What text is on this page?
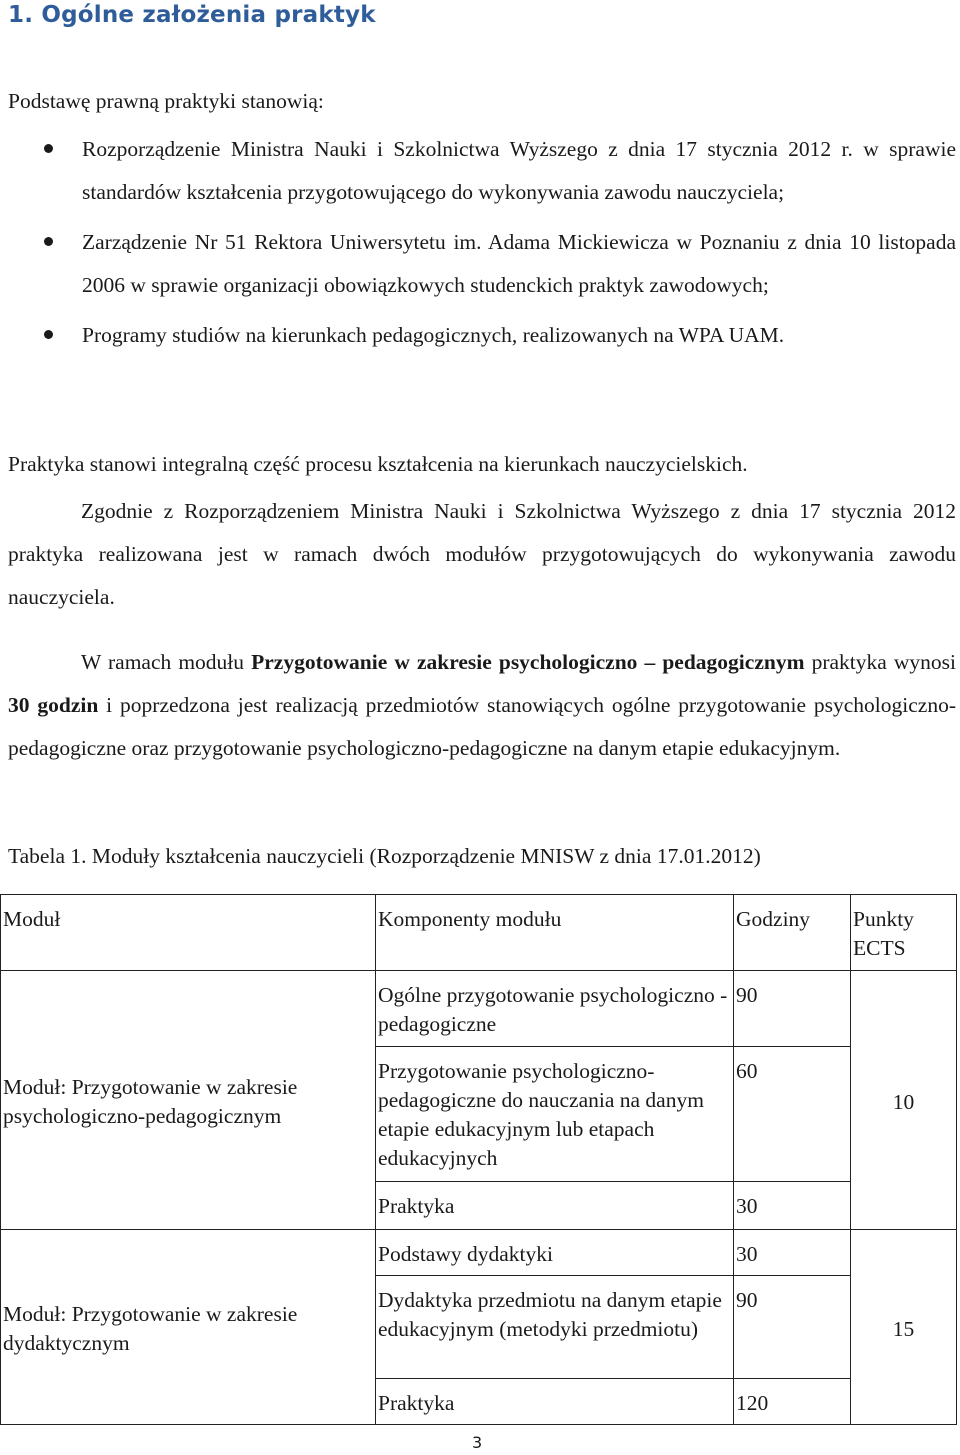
1. Ogólne założenia praktyk

Podstawę prawną praktyki stanowią:

Rozporządzenie Ministra Nauki i Szkolnictwa Wyższego z dnia 17 stycznia 2012 r. w sprawie standardów kształcenia przygotowującego do wykonywania zawodu nauczyciela;
Zarządzenie Nr 51 Rektora Uniwersytetu im. Adama Mickiewicza w Poznaniu z dnia 10 listopada 2006 w sprawie organizacji obowiązkowych studenckich praktyk zawodowych;
Programy studiów na kierunkach pedagogicznych, realizowanych na WPA UAM.

Praktyka stanowi integralną część procesu kształcenia na kierunkach nauczycielskich.

Zgodnie z Rozporządzeniem Ministra Nauki i Szkolnictwa Wyższego z dnia 17 stycznia 2012 praktyka realizowana jest w ramach dwóch modułów przygotowujących do wykonywania zawodu nauczyciela.

W ramach modułu Przygotowanie w zakresie psychologiczno – pedagogicznym praktyka wynosi 30 godzin i poprzedzona jest realizacją przedmiotów stanowiących ogólne przygotowanie psychologiczno-pedagogiczne oraz przygotowanie psychologiczno-pedagogiczne na danym etapie edukacyjnym.

Tabela 1. Moduły kształcenia nauczycieli (Rozporządzenie MNISW z dnia 17.01.2012)

Moduł	Komponenty modułu	Godziny	Punkty ECTS
Moduł: Przygotowanie w zakresie psychologiczno-pedagogicznym	Ogólne przygotowanie psychologiczno - pedagogiczne	90	10
	Przygotowanie psychologiczno-pedagogiczne do nauczania na danym etapie edukacyjnym lub etapach edukacyjnych	60	
	Praktyka	30	
Moduł: Przygotowanie w zakresie dydaktycznym	Podstawy dydaktyki	30	15
	Dydaktyka przedmiotu na danym etapie edukacyjnym (metodyki przedmiotu)	90	
	Praktyka	120	
3
